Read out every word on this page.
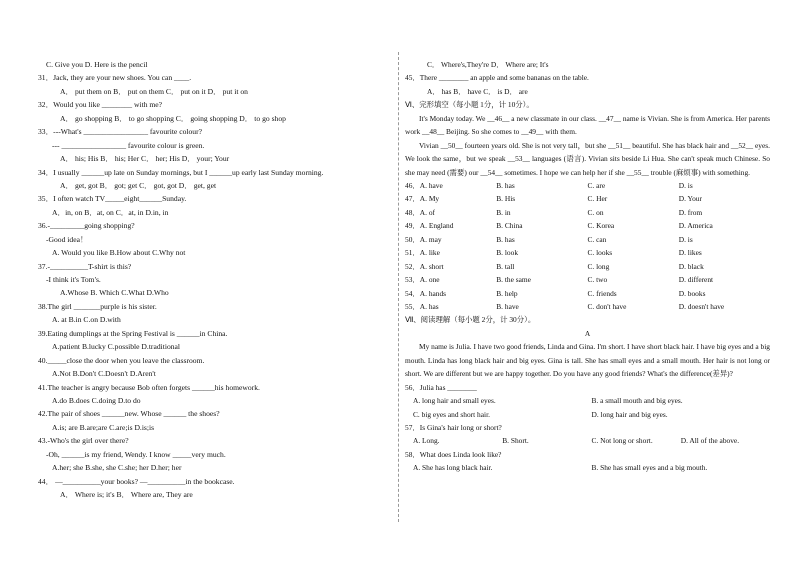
C. Give you D. Here is the pencil
31．Jack, they are your new shoes. You can ____.
A． put them on B． put on them C． put on it D． put it on
32．Would you like ________ with me?
A． go shopping B． to go shopping C． going shopping D． to go shop
33．---What's _________________ favourite colour?
--- _________________ favourite colour is green.
A． his; His B． his; Her C． her; His D． your; Your
34．I usually ______up late on Sunday mornings, but I ______up early last Sunday morning.
A． get, got B． got; get C． got, got D． get, get
35．I often watch TV_____eight______Sunday.
A．in, on B．at, on C．at, in D.in, in
36.-_________going shopping?
-Good idea！
A. Would you like B.How about C.Why not
37.-__________T-shirt is this?
-I think it's Tom's.
A.Whose B. Which C.What D.Who
38.The girl _______purple is his sister.
A. at B.in C.on D.with
39.Eating dumplings at the Spring Festival is ______in China.
A.patient B.lucky C.possible D.traditional
40._____close the door when you leave the classroom.
A.Not B.Don't C.Doesn't D.Aren't
41.The teacher is angry because Bob often forgets ______his homework.
A.do B.does C.doing D.to do
42.The pair of shoes ______new. Whose ______ the shoes?
A.is; are B.are;are C.are;is D.is;is
43.-Who's the girl over there?
-Oh, ______is my friend, Wendy. I know _____very much.
A.her; she B.she, she C.she; her D.her; her
44． —__________your books? —__________in the bookcase.
A． Where is; it's B． Where are, They are
C． Where's,They're D． Where are; It's
45．There ________ an apple and some bananas on the table.
A． has B． have C． is D． are
Ⅵ、完形填空（每小题 1分，计 10分）。
It's Monday today. We __46__ a new classmate in our class. __47__ name is Vivian. She is from America. Her parents work __48__ Beijing. So she comes to __49__ with them.
Vivian __50__ fourteen years old. She is not very tall，but she __51__ beautiful. She has black hair and __52__ eyes. We look the same，but we speak __53__ languages (语言). Vivian sits beside Li Hua. She can't speak much Chinese. So she may need (需要) our __54__ sometimes. I hope we can help her if she __55__ trouble (麻烦事) with something.
46．A. have	B. has	C. are	D. is
47．A. My	B. His	C. Her	D. Your
48．A. of	B. in	C. on	D. from
49．A. England	B. China	C. Korea	D. America
50．A. may	B. has	C. can	D. is
51．A. like	B. look	C. looks	D. likes
52．A. short	B. tall	C. long	D. black
53．A. one	B. the same	C. two	D. different
54．A. hands	B. help	C. friends	D. books
55．A. has	B. have	C. don't have	D. doesn't have
Ⅶ、阅读理解（每小题 2分，计 30分）。
A
My name is Julia. I have two good friends, Linda and Gina. I'm short. I have short black hair. I have big eyes and a big mouth. Linda has long black hair and big eyes. Gina is tall. She has small eyes and a small mouth. Her hair is not long or short. We are different but we are happy together. Do you have any good friends? What's the difference(差异)?
56．Julia has ________
A. long hair and small eyes.	B. a small mouth and big eyes.
C. big eyes and short hair.	D. long hair and big eyes.
57．Is Gina's hair long or short?
A. Long.	B. Short.	C. Not long or short.	D. All of the above.
58．What does Linda look like?
A. She has long black hair.	B. She has small eyes and a big mouth.
